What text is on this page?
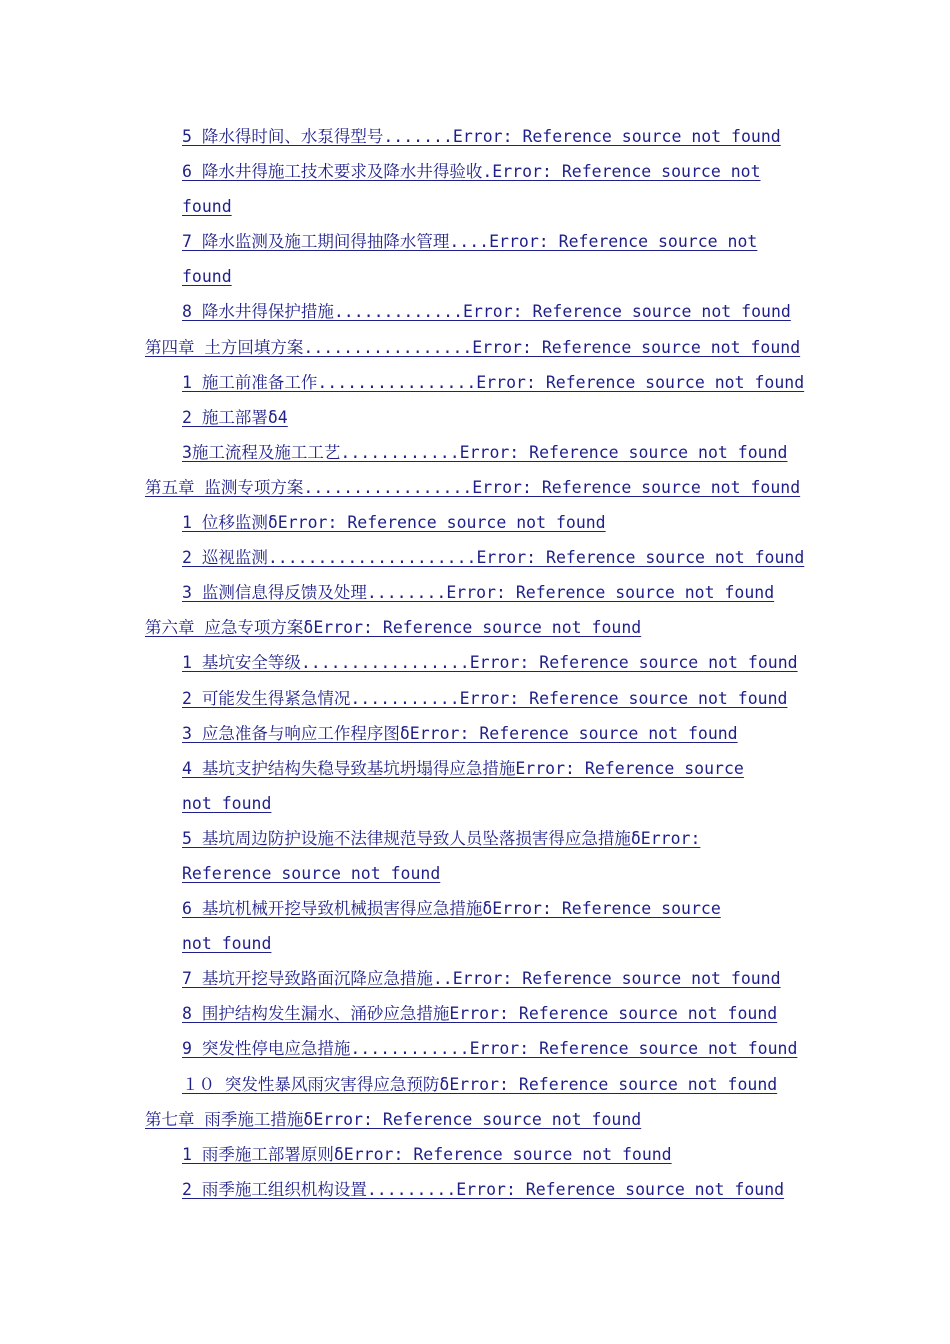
5 降水得时间、水泵得型号.......Error: Reference source not found
6 降水井得施工技术要求及降水井得验收.Error: Reference source not
found
7 降水监测及施工期间得抽降水管理....Error: Reference source not
found
8 降水井得保护措施.............Error: Reference source not found
第四章 土方回填方案.................Error: Reference source not found
1 施工前准备工作................Error: Reference source not found
2 施工部署δ4
3施工流程及施工工艺............Error: Reference source not found
第五章 监测专项方案.................Error: Reference source not found
1 位移监测δError: Reference source not found
2 巡视监测.....................Error: Reference source not found
3 监测信息得反馈及处理........Error: Reference source not found
第六章 应急专项方案δError: Reference source not found
1 基坑安全等级.................Error: Reference source not found
2 可能发生得紧急情况...........Error: Reference source not found
3 应急准备与响应工作程序图δError: Reference source not found
4 基坑支护结构失稳导致基坑坍塌得应急措施Error: Reference source
not found
5 基坑周边防护设施不法律规范导致人员坠落损害得应急措施δError:
Reference source not found
6 基坑机械开挖导致机械损害得应急措施δError: Reference source
not found
7 基坑开挖导致路面沉降应急措施..Error: Reference source not found
8 围护结构发生漏水、涌砂应急措施Error: Reference source not found
9 突发性停电应急措施............Error: Reference source not found
１０ 突发性暴风雨灾害得应急预防δError: Reference source not found
第七章 雨季施工措施δError: Reference source not found
1 雨季施工部署原则δError: Reference source not found
2 雨季施工组织机构设置.........Error: Reference source not found
